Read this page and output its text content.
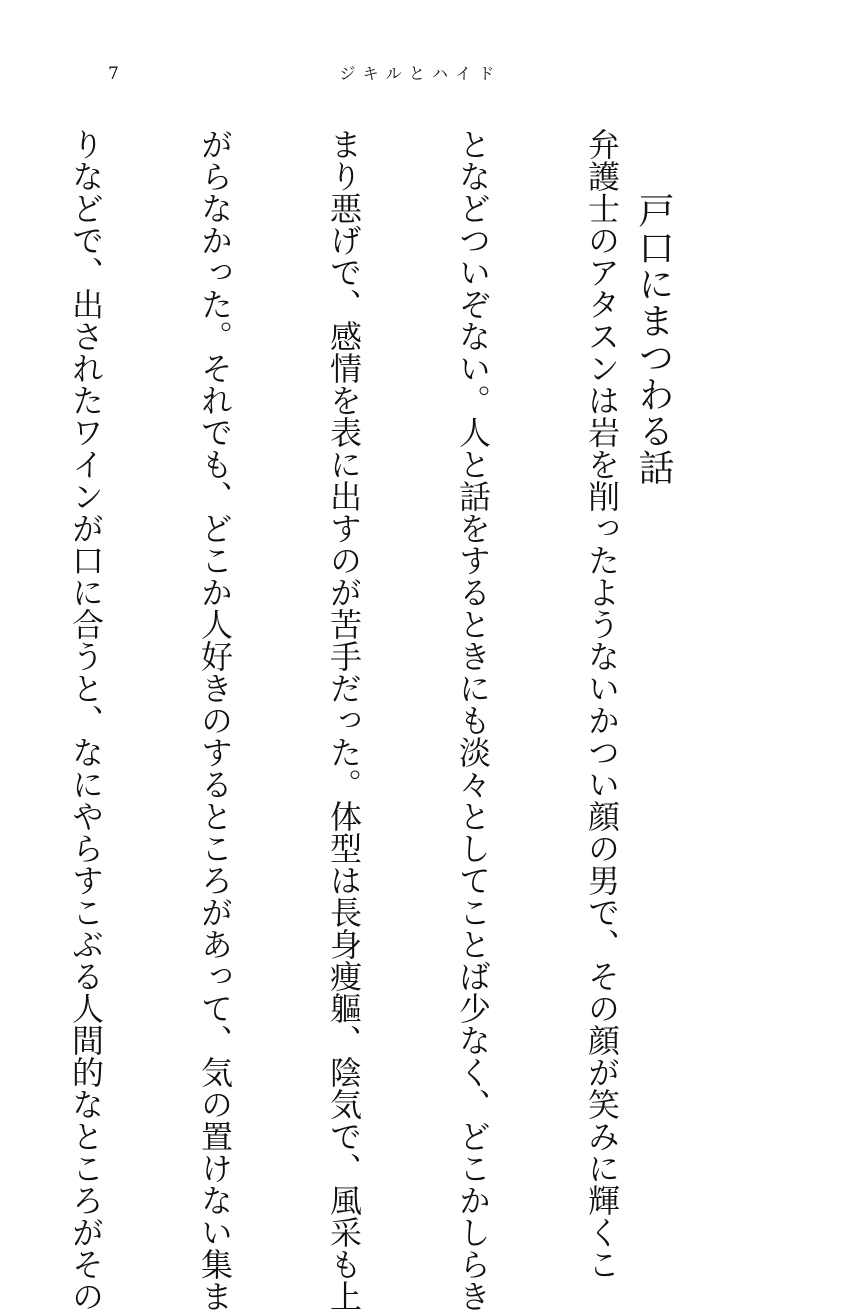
7	ジキルとハイド
戸口にまつわる話

弁護士のアタスンは岩を削ったようないかつい顔の男で、その顔が笑みに輝くこ

となどついぞない。人と話をするときにも淡々としてことば少なく、どこかしらき

まり悪げで、感情を表に出すのが苦手だった。体型は長身痩軀、陰気で、風采も上

がらなかった。それでも、どこか人好きのするところがあって、気の置けない集ま

りなどで、出されたワインが口に合うと、なにやらすこぶる人間的なところがその
